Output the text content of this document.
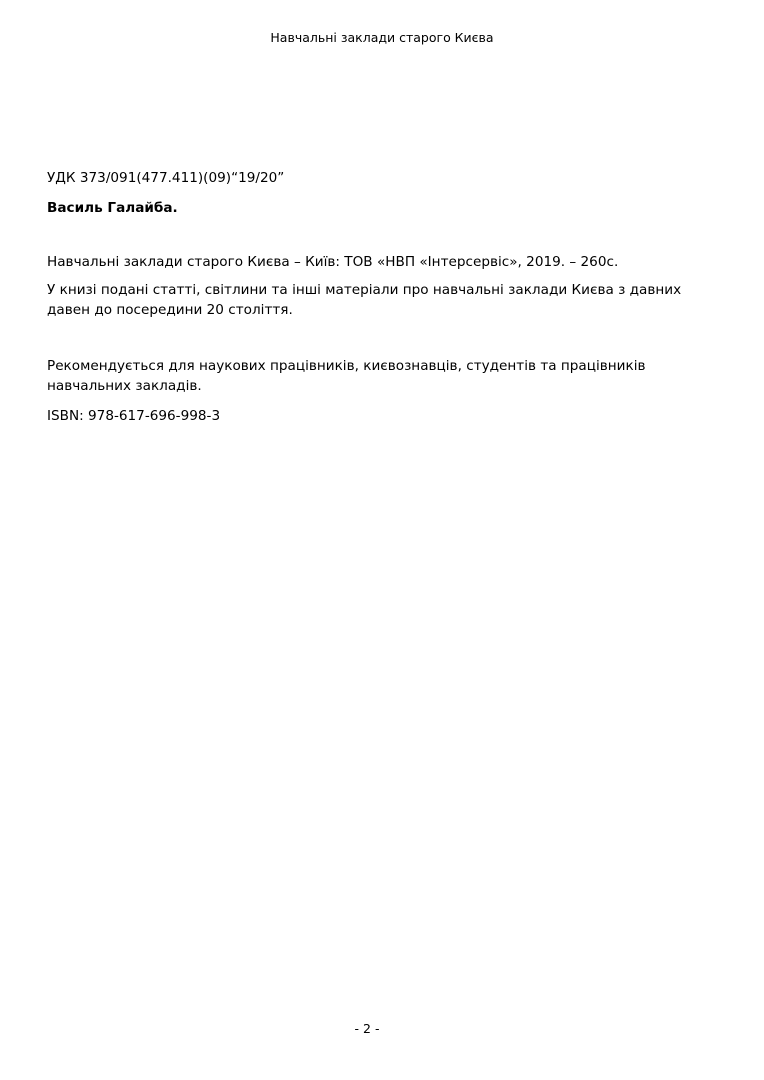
Навчальні заклади старого Києва

УДК 373/091(477.411)(09)“19/20”

Василь Галайба.

Навчальні заклади старого Києва – Київ: ТОВ «НВП «Інтерсервіс», 2019. – 260с.

У книзі подані статті, світлини та інші матеріали про навчальні заклади Києва з давних давен до посередини 20 століття.

Рекомендується для наукових працівників, києвознавців, студентів та працівників навчальних закладів.

ISBN: 978-617-696-998-3

- 2 -
